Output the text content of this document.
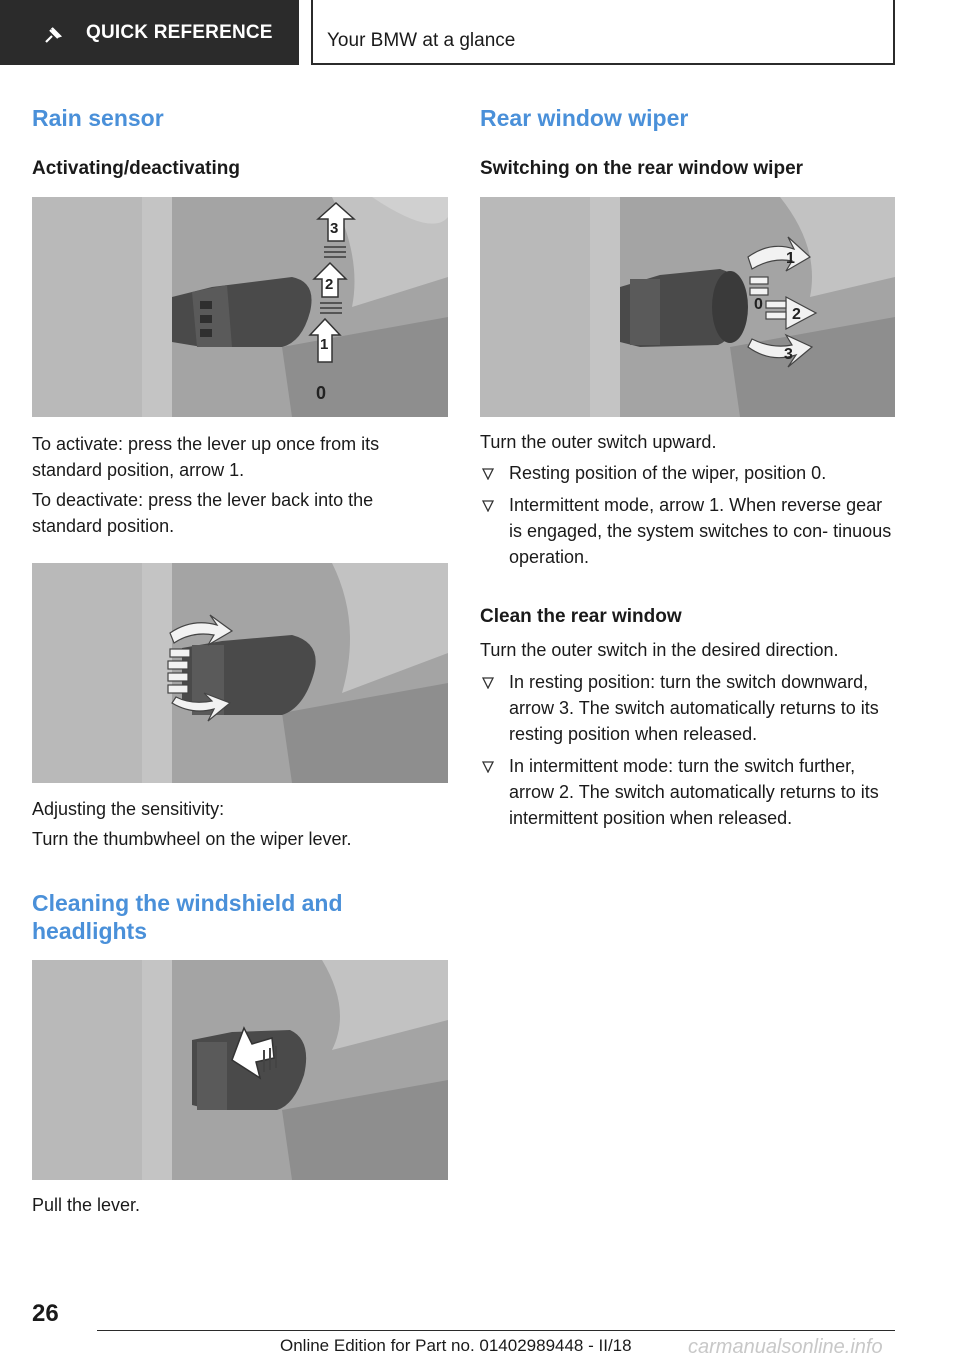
QUICK REFERENCE	Your BMW at a glance
Rain sensor
Activating/deactivating
3
2
1
0

To activate: press the lever up once from its standard position, arrow 1.

To deactivate: press the lever back into the standard position.

Adjusting the sensitivity:

Turn the thumbwheel on the wiper lever.

Cleaning the windshield and headlights

Pull the lever.

Rear window wiper
Switching on the rear window wiper
1
0
2
3

Turn the outer switch upward.

Resting position of the wiper, position 0.
Intermittent mode, arrow 1. When reverse gear is engaged, the system switches to con‐ tinuous operation.
Clean the rear window

Turn the outer switch in the desired direction.

In resting position: turn the switch downward, arrow 3. The switch automatically returns to its resting position when released.
In intermittent mode: turn the switch further, arrow 2. The switch automatically returns to its intermittent position when released.
26
Online Edition for Part no. 01402989448 - II/18	carmanualsonline.info
